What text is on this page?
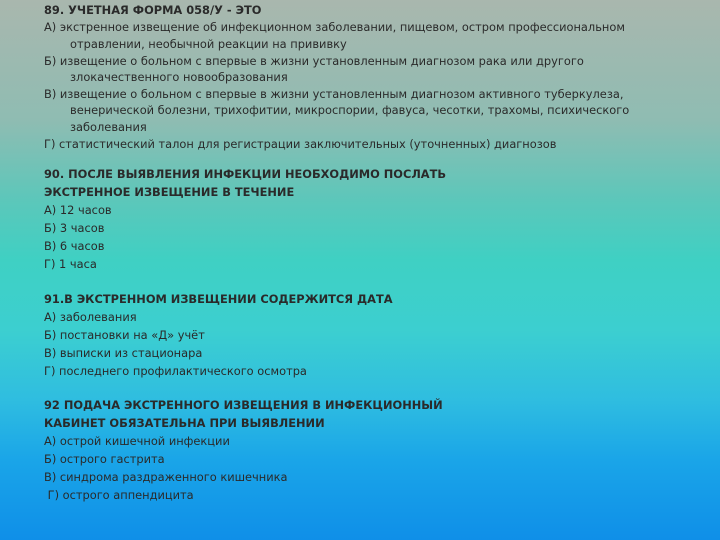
89. УЧЕТНАЯ ФОРМА 058/У - ЭТО
А) экстренное извещение об инфекционном заболевании, пищевом, остром профессиональном
отравлении, необычной реакции на прививку
Б) извещение о больном с впервые в жизни установленным диагнозом рака или другого
злокачественного новообразования
В) извещение о больном с впервые в жизни установленным диагнозом активного туберкулеза,
венерической болезни, трихофитии, микроспории, фавуса, чесотки, трахомы, психического
заболевания
Г) статистический талон для регистрации заключительных (уточненных) диагнозов
90. ПОСЛЕ ВЫЯВЛЕНИЯ ИНФЕКЦИИ НЕОБХОДИМО ПОСЛАТЬ
ЭКСТРЕННОЕ ИЗВЕЩЕНИЕ В ТЕЧЕНИЕ
А) 12 часов
Б) 3 часов
В) 6 часов
Г) 1 часа
91.В ЭКСТРЕННОМ ИЗВЕЩЕНИИ СОДЕРЖИТСЯ ДАТА
А) заболевания
Б) постановки на «Д» учёт
В) выписки из стационара
Г) последнего профилактического осмотра
92 ПОДАЧА ЭКСТРЕННОГО ИЗВЕЩЕНИЯ В ИНФЕКЦИОННЫЙ
КАБИНЕТ ОБЯЗАТЕЛЬНА ПРИ ВЫЯВЛЕНИИ
А) острой кишечной инфекции
Б) острого гастрита
В) синдрома раздраженного кишечника
Г) острого аппендицита
